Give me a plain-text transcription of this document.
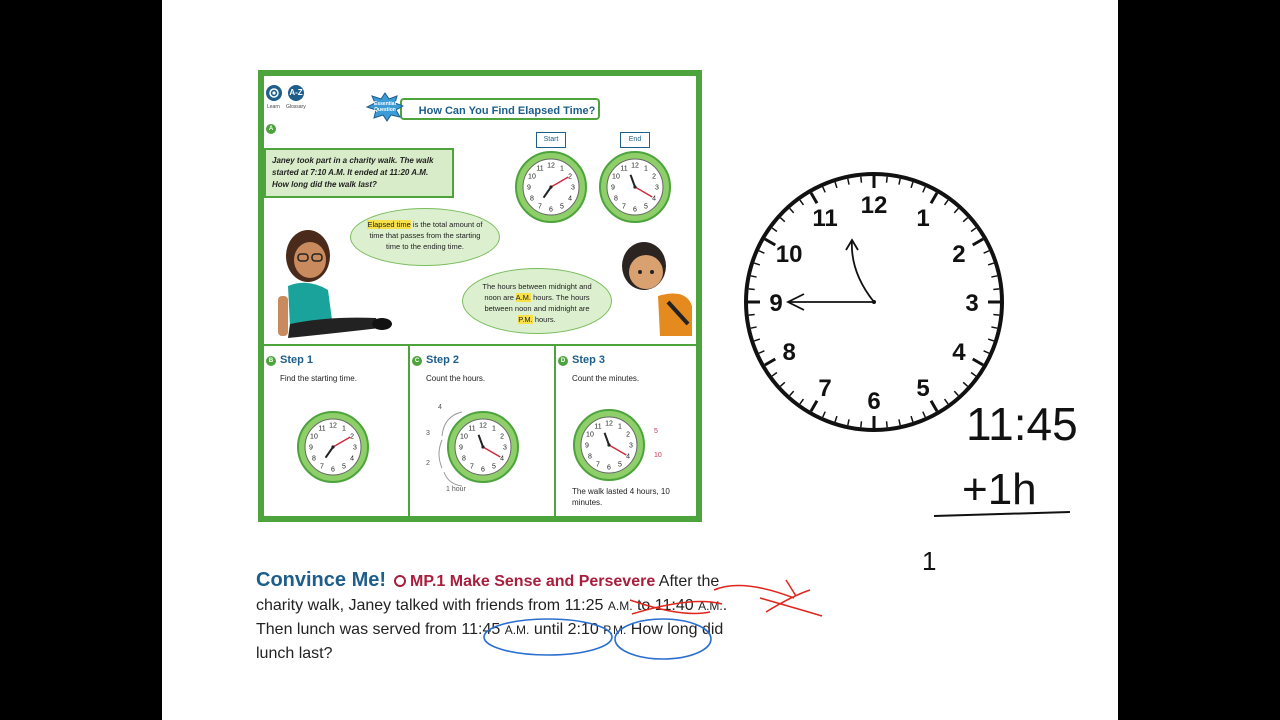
Learn
A-Z
Glossary	How Can You Find Elapsed Time?
Essential
Question
A
Janey took part in a charity walk. The walk started at 7:10 A.M. It ended at 11:20 A.M. How long did the walk last?
Start	End
1
2
3
4
5
6
7
8
9
10
11 12	1
2
3
4
5
6
7
8
9
10
11 12
Elapsed time is the total amount of time that passes from the starting time to the ending time.
The hours between midnight and noon are A.M. hours. The hours between noon and midnight are P.M. hours.
B Step 1
Find the starting time.
1
2
3
4
5
6
7
8
9
10
11 12
C Step 2
Count the hours.
4
3
2
1 hour
1
2
3
4
5
6
7
8
9
10
11 12
D Step 3
Count the minutes.
1
2
3
4
5
6
7
8
9
10
11 12
5
10
The walk lasted 4 hours, 10 minutes.
Convince Me! MP.1 Make Sense and Persevere After the
charity walk, Janey talked with friends from 11:25 A.M. to 11:40 A.M..
Then lunch was served from 11:45 A.M. until 2:10 P.M. How long did
lunch last?
12 1
2
3
4
5
6
7
8
9
10
11
11:45
+1h
1
